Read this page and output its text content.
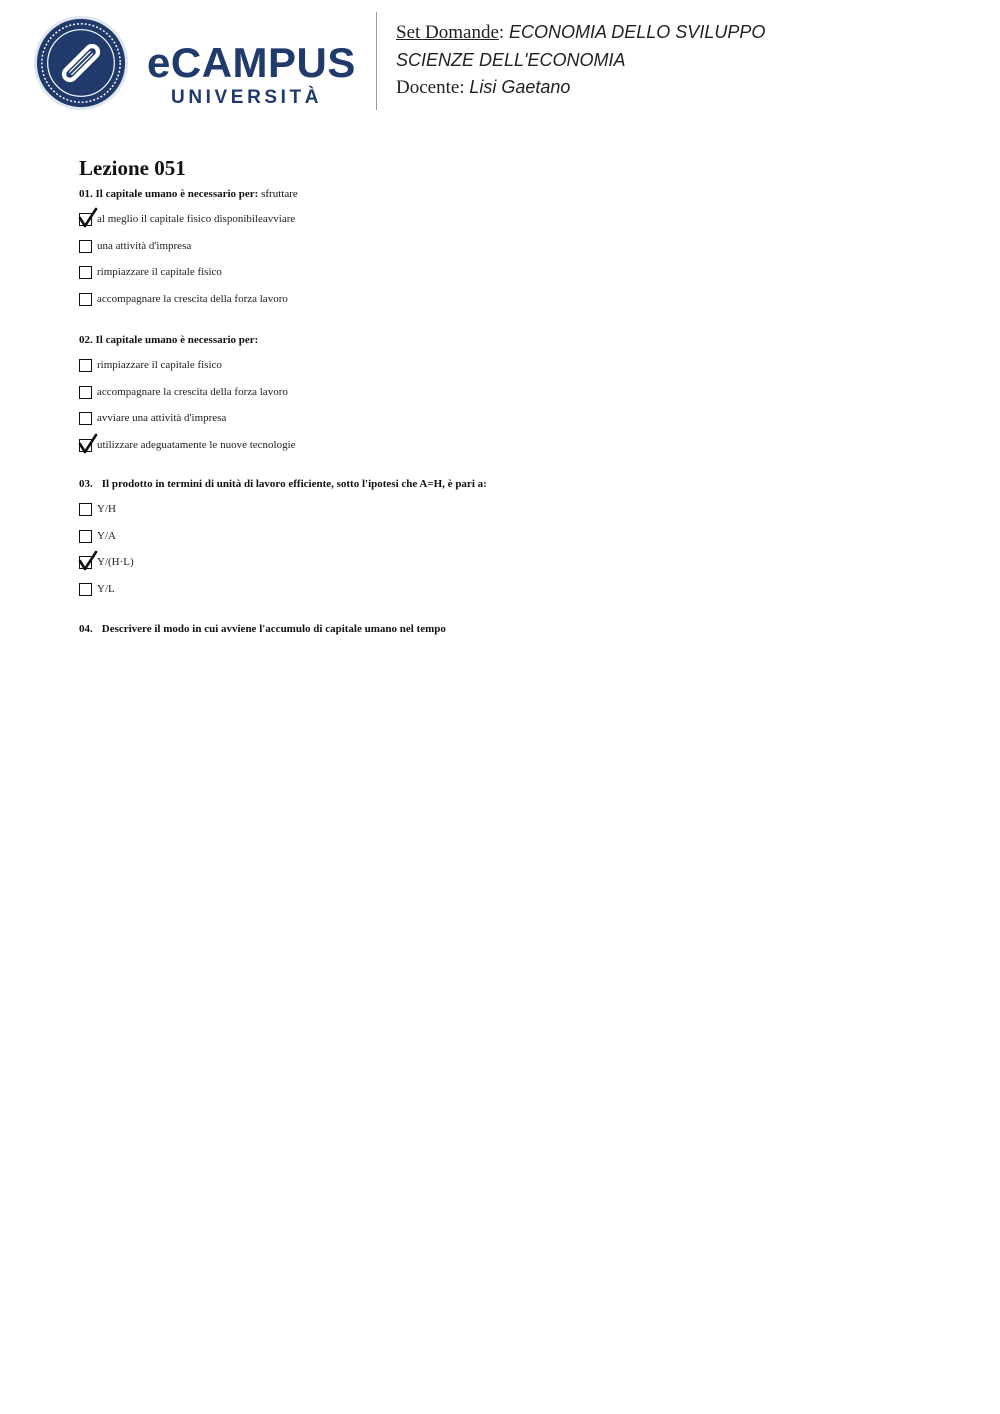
eCAMPUS
UNIVERSITÀ
Set Domande: ECONOMIA DELLO SVILUPPO
SCIENZE DELL'ECONOMIA
Docente: Lisi Gaetano
Lezione 051
01. Il capitale umano è necessario per: sfruttare
al meglio il capitale fisico disponibileavviare
una attività d'impresa
rimpiazzare il capitale fisico
accompagnare la crescita della forza lavoro
02. Il capitale umano è necessario per:
rimpiazzare il capitale fisico
accompagnare la crescita della forza lavoro
avviare una attività d'impresa
utilizzare adeguatamente le nuove tecnologie
03. Il prodotto in termini di unità di lavoro efficiente, sotto l'ipotesi che A=H, è pari a:
Y/H
Y/A
Y/(H·L)
Y/L
04. Descrivere il modo in cui avviene l'accumulo di capitale umano nel tempo
